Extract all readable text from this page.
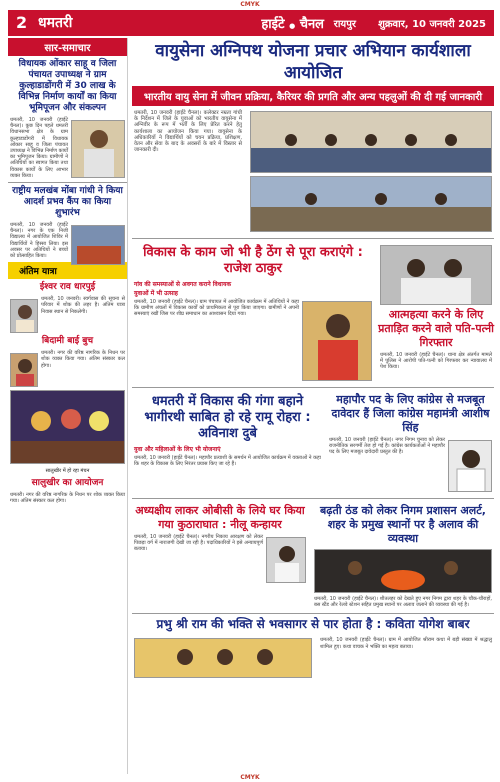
CMYK
2 धमतरी	हाईटे ● चैनल रायपुर शुक्रवार, 10 जनवरी 2025
सार-समाचार
विधायक ओंकार साहू व जिला पंचायत उपाध्यक्ष ने ग्राम कुल्हाडाडोंगरी में 30 लाख के विभिन्न निर्माण कार्यों का किया भूमिपूजन और संकल्पन
धमतरी, 10 जनवरी (हाईटे चैनल)। कुछ दिन पहले धमतरी विधानसभा क्षेत्र के ग्राम कुल्हाडाडोंगरी में विधायक ओंकार साहू व जिला पंचायत उपाध्यक्ष ने विभिन्न निर्माण कार्यों का भूमिपूजन किया। ग्रामीणों ने अतिथियों का स्वागत किया तथा विकास कार्यों के लिए आभार व्यक्त किया।
राष्ट्रीय मलखंब मोंबा गांधी ने किया आदर्श प्रभव कैंप का किया शुभारंभ
धमतरी, 10 जनवरी (हाईटे चैनल)। नगर के एक निजी विद्यालय में आयोजित शिविर में विद्यार्थियों ने हिस्सा लिया। इस अवसर पर अतिथियों ने बच्चों को प्रोत्साहित किया।
अंतिम यात्रा
ईश्वर राव धारपुई
धमतरी, 10 जनवरी। स्वर्गवास की सूचना से परिवार में शोक की लहर है। अंतिम यात्रा निवास स्थान से निकलेगी।
बिदामी बाई बुच
धमतरी। नगर की वरिष्ठ नागरिक के निधन पर शोक व्यक्त किया गया। अंतिम संस्कार कल होगा।
सालुखीर में हो रहा मंचन
सालुखीर का आयोजन
धमतरी। नगर की वरिष्ठ नागरिक के निधन पर शोक व्यक्त किया गया। अंतिम संस्कार कल होगा।
वायुसेना अग्निपथ योजना प्रचार अभियान कार्यशाला आयोजित
भारतीय वायु सेना में जीवन प्रक्रिया, कैरियर की प्रगति और अन्य पहलुओं की दी गई जानकारी
धमतरी, 10 जनवरी (हाईटे चैनल)। कलेक्टर नम्रता गांधी के निर्देशन में जिले के युवाओं को भारतीय वायुसेना में अग्निवीर के रूप में भर्ती के लिए प्रेरित करने हेतु कार्यशाला का आयोजन किया गया। वायुसेना के अधिकारियों ने विद्यार्थियों को चयन प्रक्रिया, प्रशिक्षण, वेतन और सेवा के बाद के अवसरों के बारे में विस्तार से जानकारी दी।
विकास के काम जो भी है ठेंग से पूरा कराएंगे : राजेश ठाकुर
गांव की समस्याओं से अवगत कराने विधायक
युवाओं में भी उत्साह
धमतरी, 10 जनवरी (हाईटे चैनल)। ग्राम पंचायत में आयोजित कार्यक्रम में अतिथियों ने कहा कि ग्रामीण अंचलों में विकास कार्यों को प्राथमिकता से पूरा किया जाएगा। ग्रामीणों ने अपनी समस्याएं रखीं जिस पर शीघ्र समाधान का आश्वासन दिया गया।	आत्महत्या करने के लिए प्रताड़ित करने वाले पति-पत्नी गिरफ्तार
धमतरी, 10 जनवरी (हाईटे चैनल)। थाना क्षेत्र अंतर्गत मामले में पुलिस ने आरोपी पति-पत्नी को गिरफ्तार कर न्यायालय में पेश किया।
धमतरी में विकास की गंगा बहाने भागीरथी साबित हो रहे रामू रोहरा : अविनाश दुबे
युवा और महिलाओं के लिए भी योजनाएं
धमतरी, 10 जनवरी (हाईटे चैनल)। महापौर प्रत्याशी के समर्थन में आयोजित कार्यक्रम में वक्ताओं ने कहा कि शहर के विकास के लिए निरंतर प्रयास किए जा रहे हैं।
महापौर पद के लिए कांग्रेस से मजबूत दावेदार हैं जिला कांग्रेस महामंत्री आशीष सिंह
धमतरी, 10 जनवरी (हाईटे चैनल)। नगर निगम चुनाव को लेकर राजनीतिक सरगर्मी तेज हो गई है। कांग्रेस कार्यकर्ताओं ने महापौर पद के लिए मजबूत दावेदारी प्रस्तुत की है।
अध्यक्षीय लाकर ओबीसी के लिये घर किया गया कुठाराघात : नीलू कन्हायर
धमतरी, 10 जनवरी (हाईटे चैनल)। नगरीय निकाय आरक्षण को लेकर पिछड़ा वर्ग में नाराजगी देखी जा रही है। पदाधिकारियों ने इसे अन्यायपूर्ण बताया।
बढ़ती ठंड को लेकर निगम प्रशासन अलर्ट, शहर के प्रमुख स्थानों पर है अलाव की व्यवस्था
धमतरी, 10 जनवरी (हाईटे चैनल)। शीतलहर को देखते हुए नगर निगम द्वारा शहर के चौक-चौराहों, बस स्टैंड और रेलवे स्टेशन सहित प्रमुख स्थानों पर अलाव जलाने की व्यवस्था की गई है।
प्रभु श्री राम की भक्ति से भवसागर से पार होता है : कविता योगेश बाबर
धमतरी, 10 जनवरी (हाईटे चैनल)। ग्राम में आयोजित श्रीराम कथा में बड़ी संख्या में श्रद्धालु शामिल हुए। कथा वाचक ने भक्ति का महत्व बताया।
CMYK
